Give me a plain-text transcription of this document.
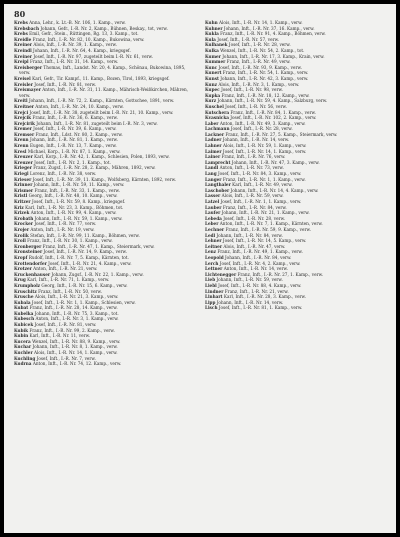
80

Krebs Anna, Lehr., k. Lt.-B. Nr. 106, 1. Kamp., verw.

Krebsbach Johann, Gefr., I.-R. Nr. 2, Kamp., Bühnen, Beskay., tot, verw.

Krebs Emil, Gefr., Stein., Rüttingen, Rg. 13, 3. Kamp., tot.

Kreidle Franz, Inft., I.-R. Nr. 82, 10. Kamp., Bukowina, verw.

Kreiner Alois, Inft., I.-R. Nr. 39, 1. Kamp., verw.

Kreindl Johann, Inft., I.-R. Nr. 64, 4. Kamp., kriegsgef.

Kreiner Josef, Inft., I.-R. Nr. 97, zugeteilt beim I.-R. Nr. 61, verw.

Kreipl Franz, Inft., I.-R. Nr. 31, 14. Kamp., verw.

Kreisberger Thomas, Inft., Landst. Nr. 20, 4. Kamp., Schönau, Bukowina, 1895, verw.

Kreisel Karl, Gefr., Tir. Kampf., 11. Kamp., Bozen, Tirol, 1893, kriegsgef.

Kreisler Josef, Inft., I.-R. Nr. 81, verw.

Kreismayer Anton, Inft., I.-R. Nr. 31, 11. Kamp., Mährisch-Weißkirchen, Mähren, verw.

Kreitl Johann, Inft., I.-R. Nr. 72, 2. Kamp., Kärnten, Gottschee, 1891, verw.

Kreitner Anton, Inft., I.-R. Nr. 24, 10. Kamp., verw.

Krejci Josef, Inft., I.-R. Nr. 38, zugeteilt beim I.-R. Nr. 21, 10. Kamp., verw.

Krejcik Franz, Inft., I.-R. Nr. 36, 6. Kamp., verw.

Krejcirik Johann, Inft., I.-R. Nr. 81, zugeteilt beim I.-R. Nr. 3, verw.

Kremer Josef, Inft., I.-R. Nr. 39, 6. Kamp., verw.

Kremser Franz, Inft., Ldst. Nr. 80, 2. Kamp., verw.

Krenn Johann, Inft., I.-R. Nr. 81, 1. Kamp., verw.

Krenn Eugen, Inft., I.-R. Nr. 13, 7. Kamp., verw.

Kresl Michael, Korp., I.-R. Nr. 87, 1. Kamp., verw.

Kreuzer Karl, Korp., I.-R. Nr. 42, 1. Kamp., Schlesien, Polen, 1893, verw.

Kreuzer Josef, Inft., I.-R. Nr. 2, 1. Kamp., tot.

Krieger Franz, Zugsf., I.-R. Nr. 28, 2. Kamp., Mähren, 1892, verw.

Kriegl Lorenz, Inft., I.-R. Nr. 38, verw.

Krieser Josef, Inft., I.-R. Nr. 39, 11. Kamp., Wolfsberg, Kärnten, 1892, verw.

Krinner Johann, Inft., I.-R. Nr. 59, 11. Kamp., verw.

Krismer Franz, Inft., I.-R. Nr. 33, 1. Kamp., verw.

Kristl Georg, Inft., I.-R. Nr. 48, 10. Kamp., verw.

Kritzer Josef, Inft., I.-R. Nr. 59, 8. Kamp., kriegsgef.

Kriz Karl, Inft., I.-R. Nr. 23, 3. Kamp., Böhmen, tot.

Krizek Anton, Inft., I.-R. Nr. 99, 4. Kamp., verw.

Krobath Johann, Inft., I.-R. Nr. 59, 1. Kamp., verw.

Krocker Josef, Inft., I.-R. Nr. 77, verw.

Krojer Anton, Inft., I.-R. Nr. 19, verw.

Krolik Stefan, Inft., I.-R. Nr. 99, 11. Kamp., Böhmen, verw.

Kroll Franz, Inft., I.-R. Nr. 30, 1. Kamp., verw.

Kronberger Franz, Inft., I.-R. Nr. 47, 1. Kamp., Steiermark, verw.

Kronsteiner Josef, Inft., I.-R. Nr. 14, 9. Kamp., verw.

Kropf Rudolf, Inft., I.-R. Nr. 7, 5. Kamp., Kärnten, tot.

Krottendorfer Josef, Inft., I.-R. Nr. 21, 4. Kamp., verw.

Krotzer Anton, Inft., I.-R. Nr. 21, verw.

Kruckenhauser Johann, Zugsf., I.-R. Nr. 22, 1. Kamp., verw.

Krug Karl, Inft., I.-R. Nr. 71, 1. Kamp., verw.

Krumpholz Georg, Inft., I.-R. Nr. 15, 6. Kamp., verw.

Kruschitz Franz, Inft., I.-R. Nr. 50, verw.

Krusche Alois, Inft., I.-R. Nr. 21, 3. Kamp., verw.

Kubala Josef, Inft., I.-R. Nr. 1, 1. Kamp., Schlesien, verw.

Kubat Franz, Inft., I.-R. Nr. 28, 14. Kamp., verw.

Kubelka Johann, Inft., I.-R. Nr. 75, 3. Kamp., tot.

Kubesch Anton, Inft., I.-R. Nr. 3, 1. Kamp., verw.

Kubicek Josef, Inft., I.-R. Nr. 81, verw.

Kubik Franz, Inft., I.-R. Nr. 99, 2. Kamp., verw.

Kubin Karl, Inft., I.-R. Nr. 11, verw.

Kucera Wenzel, Inft., I.-R. Nr. 88, 9. Kamp., verw.

Kuchar Johann, Inft., I.-R. Nr. 8, 1. Kamp., verw.

Kuchler Alois, Inft., I.-R. Nr. 14, 1. Kamp., verw.

Kuchling Josef, Inft., I.-R. Nr. 7, verw.

Kudrna Anton, Inft., I.-R. Nr. 74, 12. Kamp., verw.

Kuhn Alois, Inft., I.-R. Nr. 14, 1. Kamp., verw.

Kuhner Johann, Inft., I.-R. Nr. 37, 16. Kamp., verw.

Kukla Franz, Inft., I.-R. Nr. 91, 4. Kamp., Böhmen, verw.

Kula Josef, Inft., I.-R. Nr. 57, verw.

Kulhanek Josef, Inft., I.-R. Nr. 28, verw.

Kulka Wenzel, Inft., I.-R. Nr. 54, 2. Kamp., tot.

Kumer Johann, Inft., I.-R. Nr. 17, 3. Kamp., Krain, verw.

Kummer Franz, Inft., I.-R. Nr. 49, verw.

Kunc Josef, Inft., I.-R. Nr. 93, 9. Kamp., verw.

Kunert Franz, Inft., I.-R. Nr. 54, 1. Kamp., verw.

Kunst Johann, Inft., I.-R. Nr. 42, 3. Kamp., verw.

Kunz Alois, Inft., I.-R. Nr. 3, 1. Kamp., verw.

Kupec Josef, Inft., I.-R. Nr. 98, verw.

Kupka Franz, Inft., I.-R. Nr. 18, 12. Kamp., verw.

Kurz Johann, Inft., I.-R. Nr. 59, 4. Kamp., Salzburg, verw.

Kuschel Josef, Inft., I.-R. Nr. 56, verw.

Kutschera Franz, Inft., I.-R. Nr. 84, 1. Kamp., verw.

Kvasnicka Josef, Inft., I.-R. Nr. 102, 2. Kamp., verw.

Laber Anton, Inft., I.-R. Nr. 49, 3. Kamp., verw.

Lachmann Josef, Inft., I.-R. Nr. 28, verw.

Lackner Franz, Inft., I.-R. Nr. 27, 5. Kamp., Steiermark, verw.

Ladner Johann, Inft., I.-R. Nr. 14, verw.

Lahner Alois, Inft., I.-R. Nr. 59, 1. Kamp., verw.

Laimer Josef, Inft., I.-R. Nr. 14, 1. Kamp., verw.

Lainer Franz, Inft., I.-R. Nr. 76, verw.

Lamprecht Johann, Inft., I.-R. Nr. 47, 3. Kamp., verw.

Landl Anton, Inft., I.-R. Nr. 73, verw.

Lang Josef, Inft., I.-R. Nr. 84, 3. Kamp., verw.

Langer Franz, Inft., I.-R. Nr. 1, 1. Kamp., verw.

Langthaler Karl, Inft., I.-R. Nr. 49, verw.

Laschober Johann, Inft., I.-R. Nr. 14, 4. Kamp., verw.

Lasser Alois, Inft., I.-R. Nr. 59, verw.

Latzel Josef, Inft., I.-R. Nr. 1, 1. Kamp., verw.

Lauber Franz, Inft., I.-R. Nr. 84, verw.

Laufer Johann, Inft., I.-R. Nr. 21, 1. Kamp., verw.

Lebeda Josef, Inft., I.-R. Nr. 28, verw.

Leber Anton, Inft., I.-R. Nr. 7, 1. Kamp., Kärnten, verw.

Lechner Franz, Inft., I.-R. Nr. 59, 9. Kamp., verw.

Ledl Johann, Inft., I.-R. Nr. 84, verw.

Lehner Josef, Inft., I.-R. Nr. 14, 5. Kamp., verw.

Leitner Alois, Inft., I.-R. Nr. 47, verw.

Lenz Franz, Inft., I.-R. Nr. 49, 1. Kamp., verw.

Leopold Johann, Inft., I.-R. Nr. 84, verw.

Lerch Josef, Inft., I.-R. Nr. 4, 2. Kamp., verw.

Lettner Anton, Inft., I.-R. Nr. 14, verw.

Lichtenegger Franz, Inft., I.-R. Nr. 27, 1. Kamp., verw.

Lieb Johann, Inft., I.-R. Nr. 59, verw.

Liebl Josef, Inft., I.-R. Nr. 88, 4. Kamp., verw.

Lindner Franz, Inft., I.-R. Nr. 21, verw.

Linhart Karl, Inft., I.-R. Nr. 28, 3. Kamp., verw.

Lipp Johann, Inft., I.-R. Nr. 14, verw.

Lisch Josef, Inft., I.-R. Nr. 81, 1. Kamp., verw.
